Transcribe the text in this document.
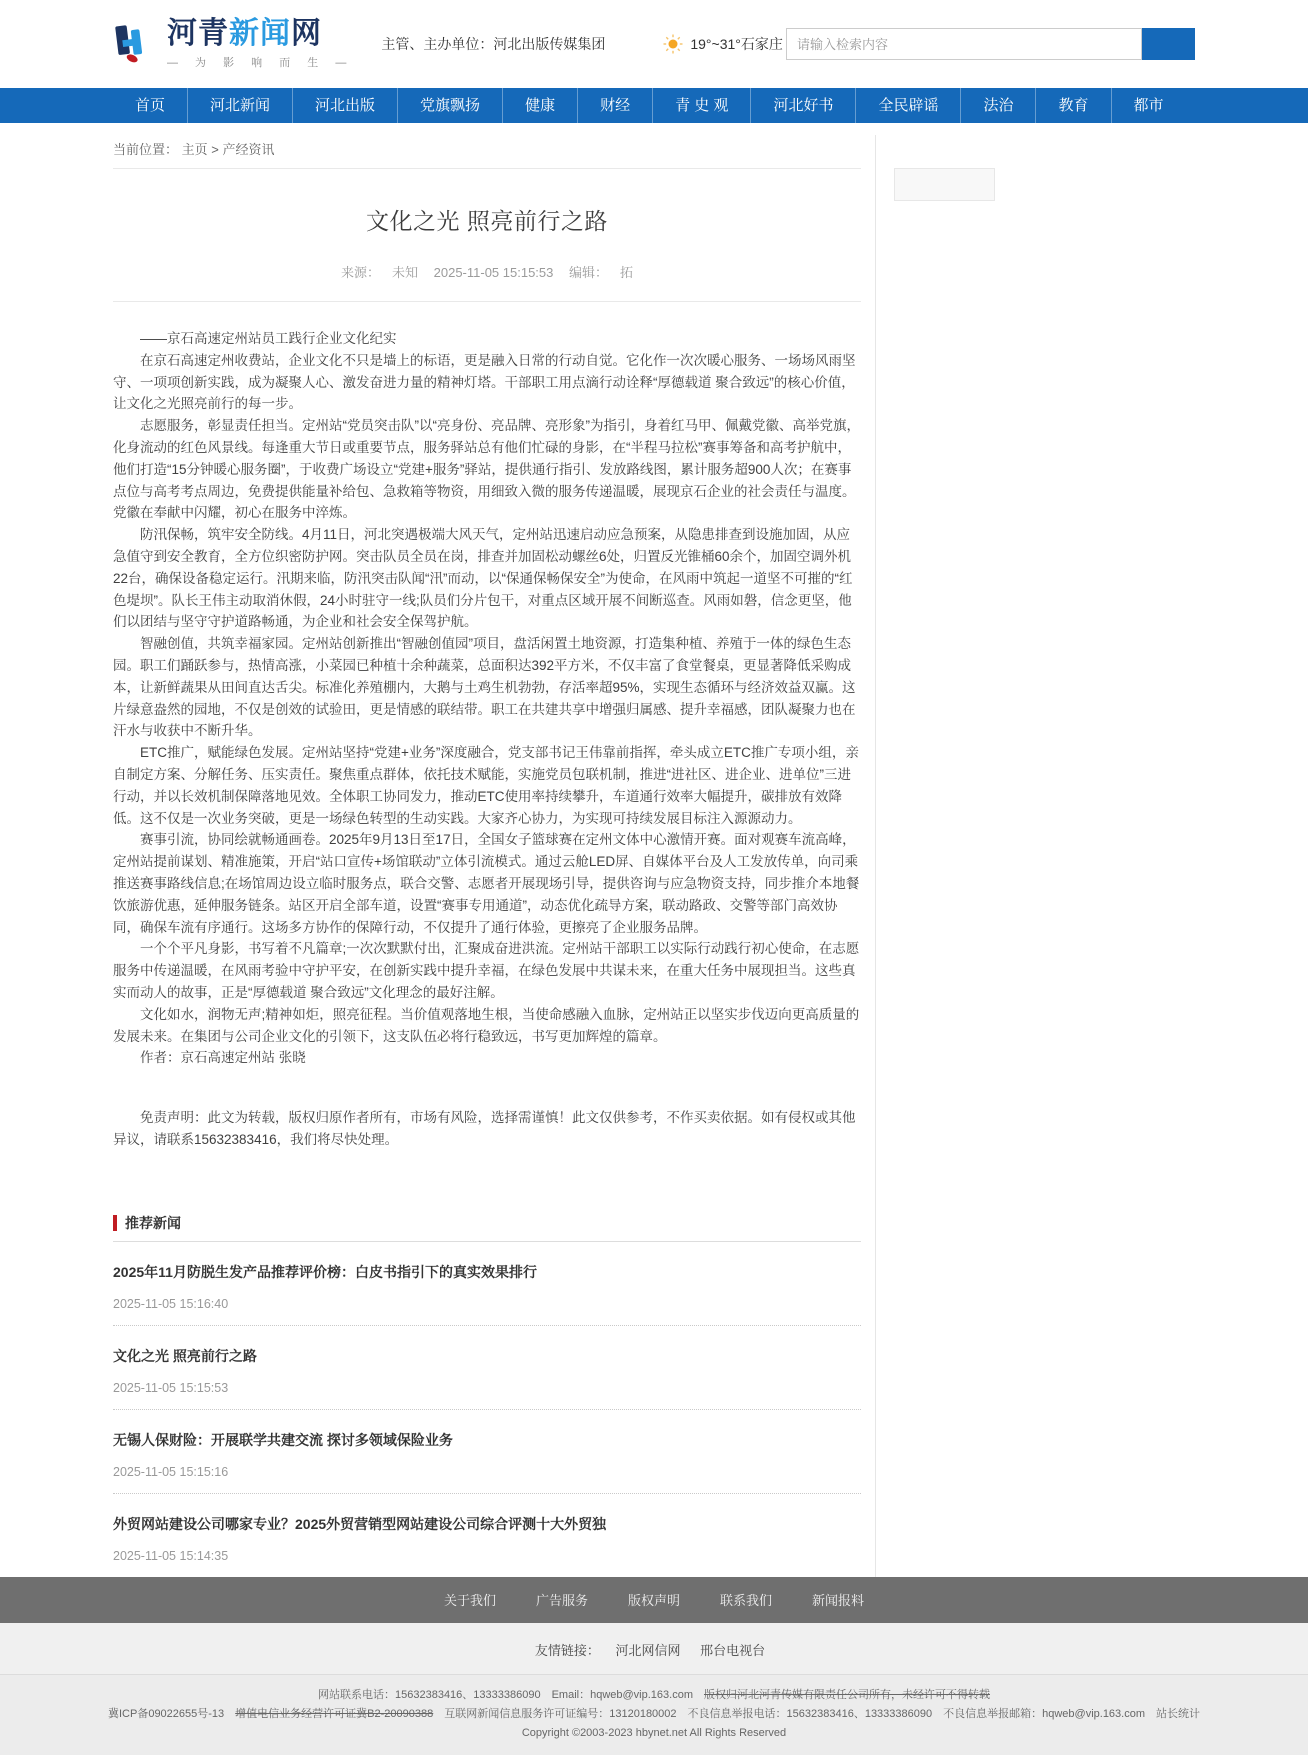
河青新闻网
— 为 影 响 而 生 —
主管、主办单位：河北出版传媒集团	19°~31°石家庄
请输入检索内容
首页	河北新闻	河北出版	党旗飘扬	健康	财经	青 史 观	河北好书	全民辟谣	法治	教育	都市
当前位置： 主页 > 产经资讯
文化之光 照亮前行之路
来源： 未知 2025-11-05 15:15:53 编辑： 拓

——京石高速定州站员工践行企业文化纪实

在京石高速定州收费站，企业文化不只是墙上的标语，更是融入日常的行动自觉。它化作一次次暖心服务、一场场风雨坚守、一项项创新实践，成为凝聚人心、激发奋进力量的精神灯塔。干部职工用点滴行动诠释“厚德载道 聚合致远”的核心价值，让文化之光照亮前行的每一步。

志愿服务，彰显责任担当。定州站“党员突击队”以“亮身份、亮品牌、亮形象”为指引，身着红马甲、佩戴党徽、高举党旗，化身流动的红色风景线。每逢重大节日或重要节点，服务驿站总有他们忙碌的身影，在“半程马拉松”赛事筹备和高考护航中，他们打造“15分钟暖心服务圈”，于收费广场设立“党建+服务”驿站，提供通行指引、发放路线图，累计服务超900人次；在赛事点位与高考考点周边，免费提供能量补给包、急救箱等物资，用细致入微的服务传递温暖，展现京石企业的社会责任与温度。党徽在奉献中闪耀，初心在服务中淬炼。

防汛保畅，筑牢安全防线。4月11日，河北突遇极端大风天气，定州站迅速启动应急预案，从隐患排查到设施加固，从应急值守到安全教育，全方位织密防护网。突击队员全员在岗，排查并加固松动螺丝6处，归置反光锥桶60余个，加固空调外机22台，确保设备稳定运行。汛期来临，防汛突击队闻“汛”而动，以“保通保畅保安全”为使命，在风雨中筑起一道坚不可摧的“红色堤坝”。队长王伟主动取消休假，24小时驻守一线;队员们分片包干，对重点区域开展不间断巡查。风雨如磐，信念更坚，他们以团结与坚守守护道路畅通，为企业和社会安全保驾护航。

智融创值，共筑幸福家园。定州站创新推出“智融创值园”项目，盘活闲置土地资源，打造集种植、养殖于一体的绿色生态园。职工们踊跃参与，热情高涨，小菜园已种植十余种蔬菜，总面积达392平方米，不仅丰富了食堂餐桌，更显著降低采购成本，让新鲜蔬果从田间直达舌尖。标准化养殖棚内，大鹅与土鸡生机勃勃，存活率超95%，实现生态循环与经济效益双赢。这片绿意盎然的园地，不仅是创效的试验田，更是情感的联结带。职工在共建共享中增强归属感、提升幸福感，团队凝聚力也在汗水与收获中不断升华。

ETC推广，赋能绿色发展。定州站坚持“党建+业务”深度融合，党支部书记王伟靠前指挥，牵头成立ETC推广专项小组，亲自制定方案、分解任务、压实责任。聚焦重点群体，依托技术赋能，实施党员包联机制，推进“进社区、进企业、进单位”三进行动，并以长效机制保障落地见效。全体职工协同发力，推动ETC使用率持续攀升，车道通行效率大幅提升，碳排放有效降低。这不仅是一次业务突破，更是一场绿色转型的生动实践。大家齐心协力，为实现可持续发展目标注入源源动力。

赛事引流，协同绘就畅通画卷。2025年9月13日至17日，全国女子篮球赛在定州文体中心激情开赛。面对观赛车流高峰，定州站提前谋划、精准施策，开启“站口宣传+场馆联动”立体引流模式。通过云舱LED屏、自媒体平台及人工发放传单，向司乘推送赛事路线信息;在场馆周边设立临时服务点，联合交警、志愿者开展现场引导，提供咨询与应急物资支持，同步推介本地餐饮旅游优惠，延伸服务链条。站区开启全部车道，设置“赛事专用通道”，动态优化疏导方案，联动路政、交警等部门高效协同，确保车流有序通行。这场多方协作的保障行动，不仅提升了通行体验，更擦亮了企业服务品牌。

一个个平凡身影，书写着不凡篇章;一次次默默付出，汇聚成奋进洪流。定州站干部职工以实际行动践行初心使命，在志愿服务中传递温暖，在风雨考验中守护平安，在创新实践中提升幸福，在绿色发展中共谋未来，在重大任务中展现担当。这些真实而动人的故事，正是“厚德载道 聚合致远”文化理念的最好注解。

文化如水，润物无声;精神如炬，照亮征程。当价值观落地生根，当使命感融入血脉，定州站正以坚实步伐迈向更高质量的发展未来。在集团与公司企业文化的引领下，这支队伍必将行稳致远，书写更加辉煌的篇章。

作者：京石高速定州站 张晓

免责声明：此文为转载，版权归原作者所有，市场有风险，选择需谨慎！此文仅供参考，不作买卖依据。如有侵权或其他异议，请联系15632383416，我们将尽快处理。

推荐新闻
2025年11月防脱生发产品推荐评价榜：白皮书指引下的真实效果排行
2025-11-05 15:16:40
文化之光 照亮前行之路
2025-11-05 15:15:53
无锡人保财险：开展联学共建交流 探讨多领域保险业务
2025-11-05 15:15:16
外贸网站建设公司哪家专业？2025外贸营销型网站建设公司综合评测十大外贸独
2025-11-05 15:14:35
关于我们	广告服务	版权声明	联系我们	新闻报料
友情链接： 河北网信网 邢台电视台

网站联系电话：15632383416、13333386090　Email：hqweb@vip.163.com　版权归河北河青传媒有限责任公司所有，未经许可不得转载

冀ICP备09022655号-13　增值电信业务经营许可证冀B2-20090388　互联网新闻信息服务许可证编号：13120180002　不良信息举报电话：15632383416、13333386090　不良信息举报邮箱：hqweb@vip.163.com　站长统计

Copyright ©2003-2023 hbynet.net All Rights Reserved
